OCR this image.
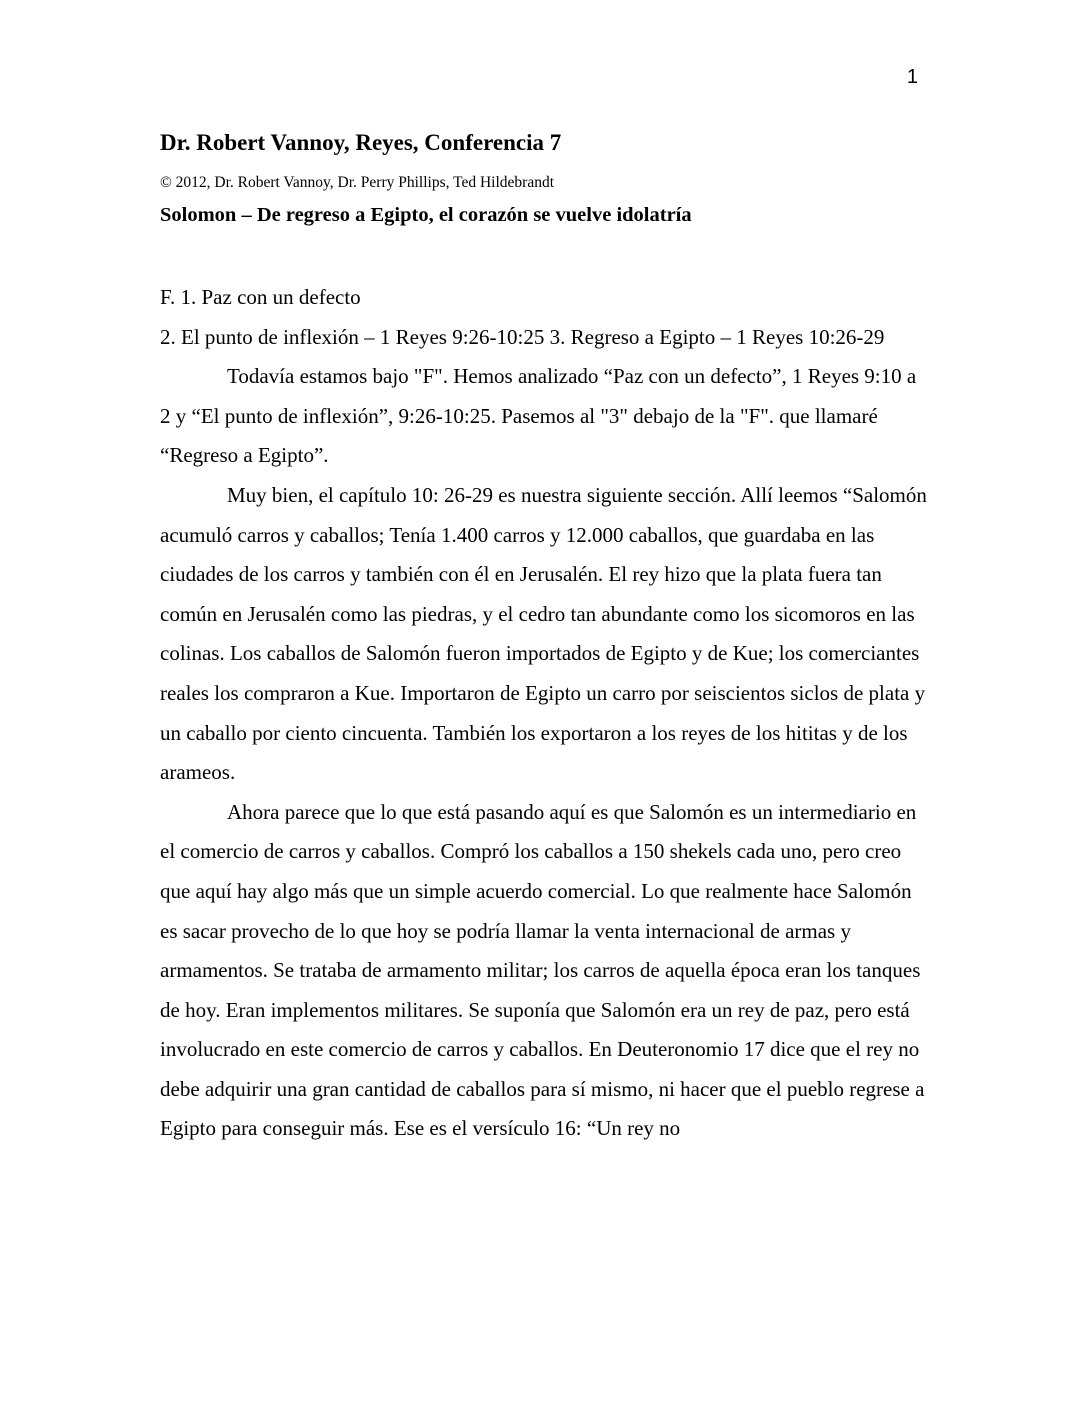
1
Dr. Robert Vannoy, Reyes, Conferencia 7

© 2012, Dr. Robert Vannoy, Dr. Perry Phillips, Ted Hildebrandt

Solomon – De regreso a Egipto, el corazón se vuelve idolatría

F. 1. Paz con un defecto

2. El punto de inflexión – 1 Reyes 9:26-10:25 3. Regreso a Egipto – 1 Reyes 10:26-29

Todavía estamos bajo "F". Hemos analizado “Paz con un defecto”, 1 Reyes 9:10 a 2 y “El punto de inflexión”, 9:26-10:25. Pasemos al "3" debajo de la "F". que llamaré “Regreso a Egipto”.

Muy bien, el capítulo 10: 26-29 es nuestra siguiente sección. Allí leemos “Salomón acumuló carros y caballos; Tenía 1.400 carros y 12.000 caballos, que guardaba en las ciudades de los carros y también con él en Jerusalén. El rey hizo que la plata fuera tan común en Jerusalén como las piedras, y el cedro tan abundante como los sicomoros en las colinas. Los caballos de Salomón fueron importados de Egipto y de Kue; los comerciantes reales los compraron a Kue. Importaron de Egipto un carro por seiscientos siclos de plata y un caballo por ciento cincuenta. También los exportaron a los reyes de los hititas y de los arameos.

Ahora parece que lo que está pasando aquí es que Salomón es un intermediario en el comercio de carros y caballos. Compró los caballos a 150 shekels cada uno, pero creo que aquí hay algo más que un simple acuerdo comercial. Lo que realmente hace Salomón es sacar provecho de lo que hoy se podría llamar la venta internacional de armas y armamentos. Se trataba de armamento militar; los carros de aquella época eran los tanques de hoy. Eran implementos militares. Se suponía que Salomón era un rey de paz, pero está involucrado en este comercio de carros y caballos. En Deuteronomio 17 dice que el rey no debe adquirir una gran cantidad de caballos para sí mismo, ni hacer que el pueblo regrese a Egipto para conseguir más. Ese es el versículo 16: “Un rey no
